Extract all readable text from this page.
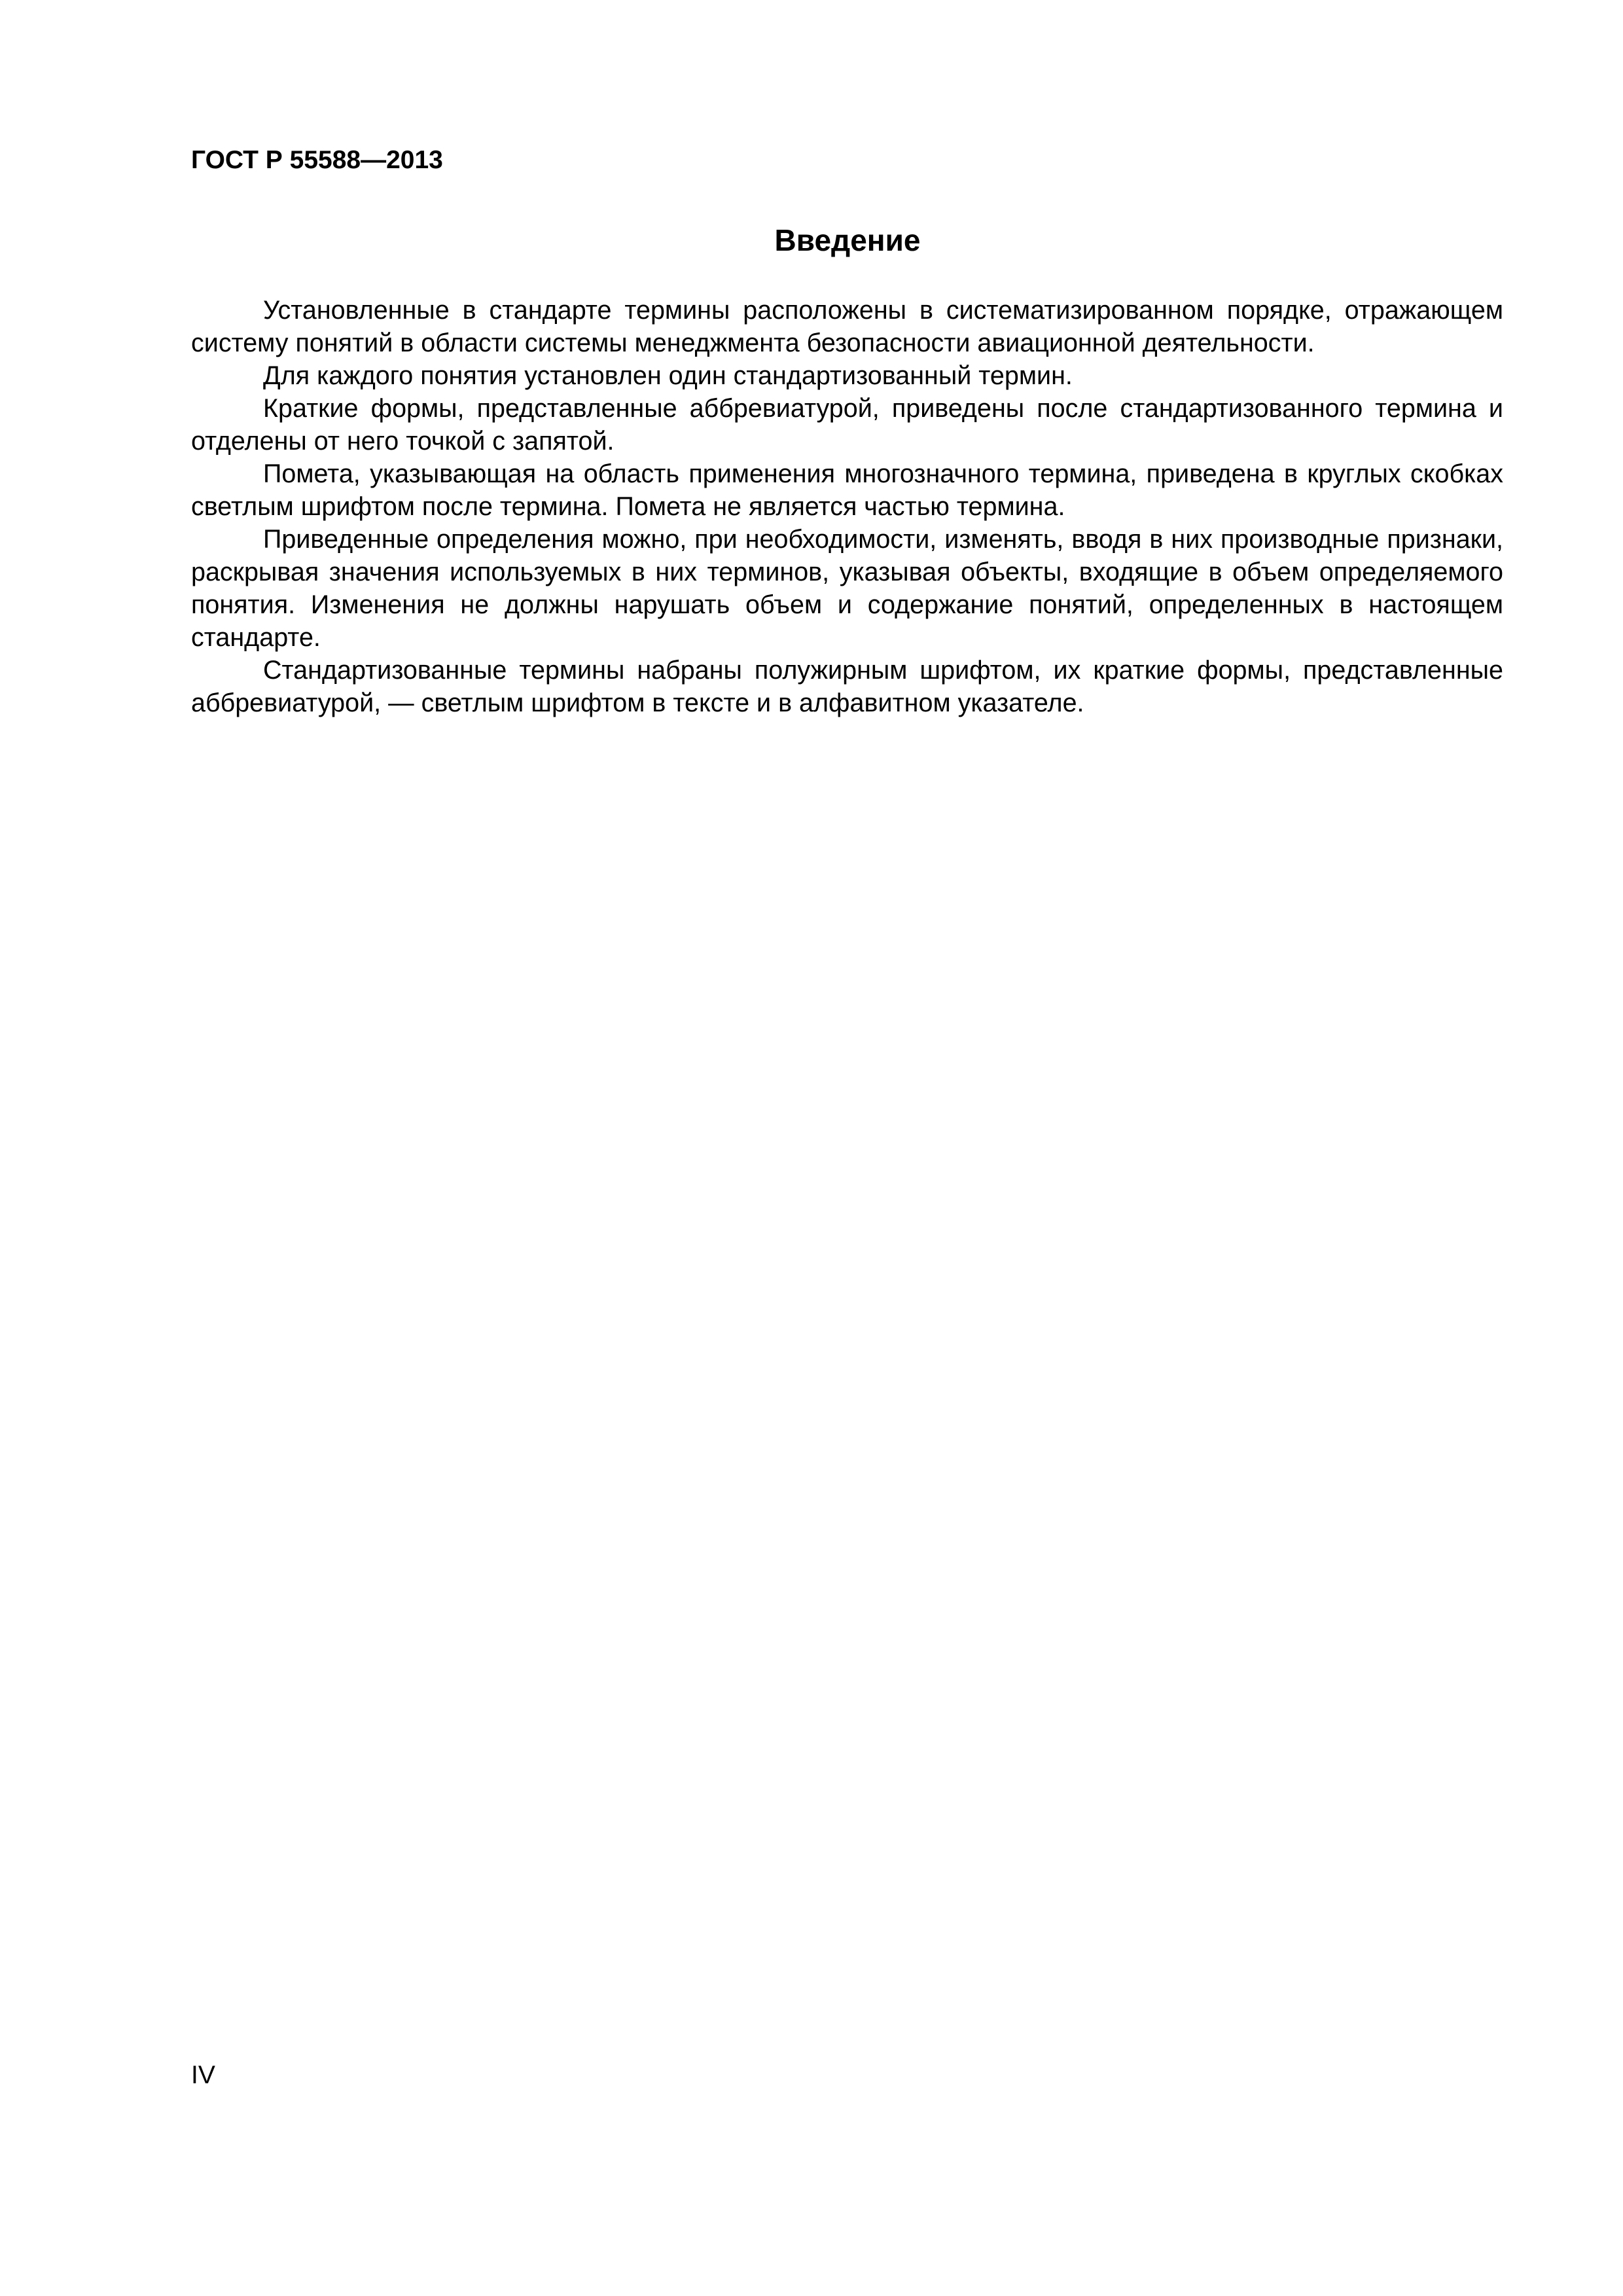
ГОСТ Р 55588—2013
Введение

Установленные в стандарте термины расположены в систематизированном порядке, отражающем систему понятий в области системы менеджмента безопасности авиационной деятельности.

Для каждого понятия установлен один стандартизованный термин.

Краткие формы, представленные аббревиатурой, приведены после стандартизованного термина и отделены от него точкой с запятой.

Помета, указывающая на область применения многозначного термина, приведена в круглых скобках светлым шрифтом после термина. Помета не является частью термина.

Приведенные определения можно, при необходимости, изменять, вводя в них производные признаки, раскрывая значения используемых в них терминов, указывая объекты, входящие в объем определяемого понятия. Изменения не должны нарушать объем и содержание понятий, определенных в настоящем стандарте.

Стандартизованные термины набраны полужирным шрифтом, их краткие формы, представленные аббревиатурой, — светлым шрифтом в тексте и в алфавитном указателе.

IV
